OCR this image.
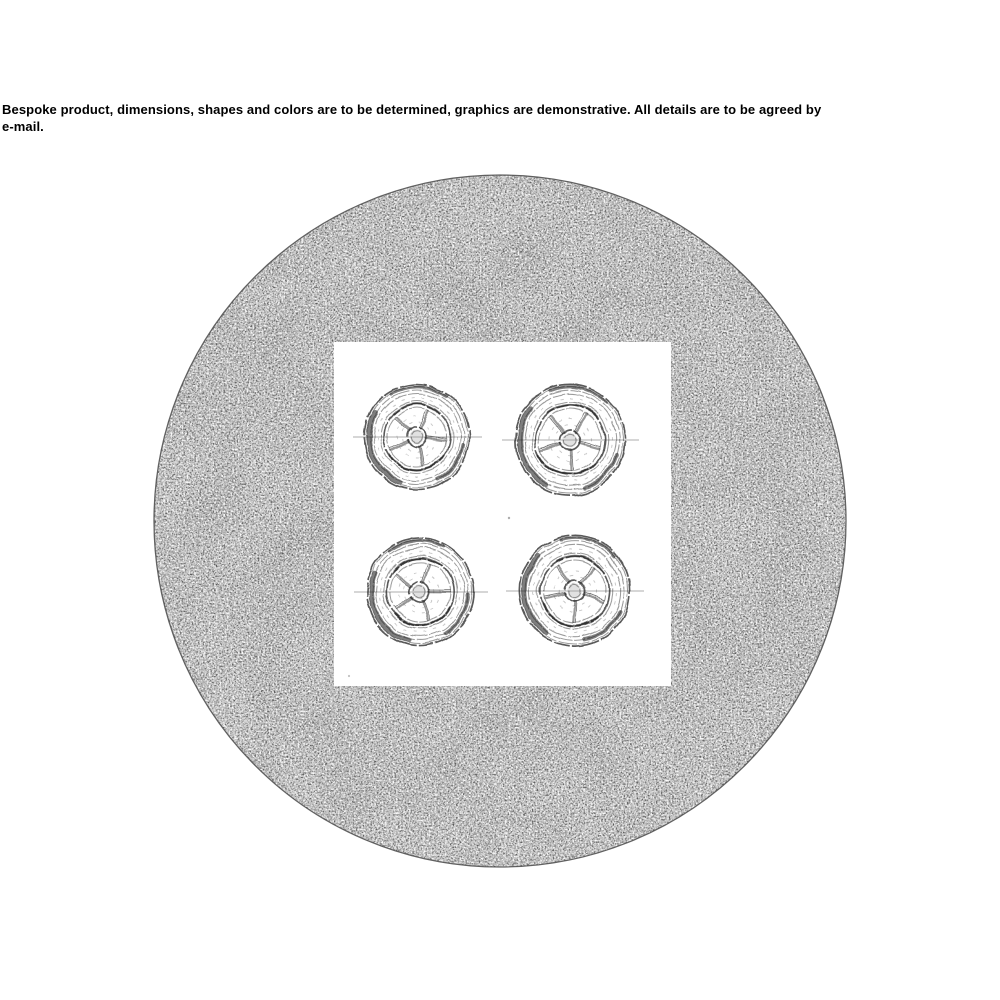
Bespoke product, dimensions, shapes and colors are to be determined, graphics are demonstrative. All details are to be agreed by
e-mail.
